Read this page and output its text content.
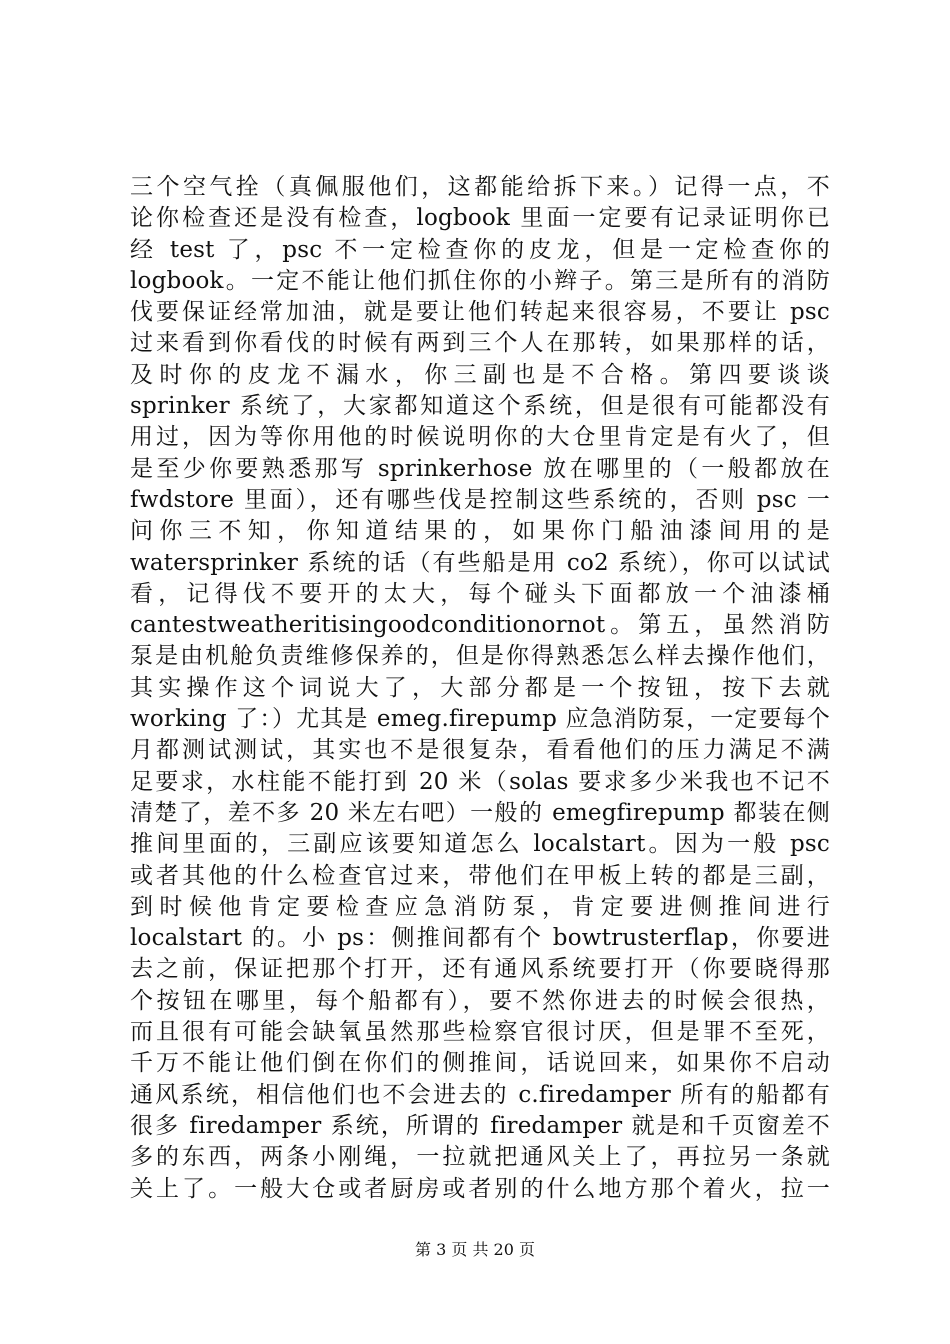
三个空气拴（真佩服他们，这都能给拆下来。）记得一点，不
论你检查还是没有检查，logbook 里面一定要有记录证明你已
经 test 了，psc 不一定检查你的皮龙，但是一定检查你的
logbook。一定不能让他们抓住你的小辫子。第三是所有的消防
伐要保证经常加油，就是要让他们转起来很容易，不要让 psc
过来看到你看伐的时候有两到三个人在那转，如果那样的话，
及时你的皮龙不漏水，你三副也是不合格。第四要谈谈
sprinker 系统了，大家都知道这个系统，但是很有可能都没有
用过，因为等你用他的时候说明你的大仓里肯定是有火了，但
是至少你要熟悉那写 sprinkerhose 放在哪里的（一般都放在
fwdstore 里面），还有哪些伐是控制这些系统的，否则 psc 一
问你三不知，你知道结果的，如果你门船油漆间用的是
watersprinker 系统的话（有些船是用 co2 系统），你可以试试
看，记得伐不要开的太大，每个碰头下面都放一个油漆桶
cantestweatheritisingoodconditionornot。第五，虽然消防
泵是由机舱负责维修保养的，但是你得熟悉怎么样去操作他们，
其实操作这个词说大了，大部分都是一个按钮，按下去就
working 了：）尤其是 emeg.firepump 应急消防泵，一定要每个
月都测试测试，其实也不是很复杂，看看他们的压力满足不满
足要求，水柱能不能打到 20 米（solas 要求多少米我也不记不
清楚了，差不多 20 米左右吧）一般的 emegfirepump 都装在侧
推间里面的，三副应该要知道怎么 localstart。因为一般 psc
或者其他的什么检查官过来，带他们在甲板上转的都是三副，
到时候他肯定要检查应急消防泵，肯定要进侧推间进行
localstart 的。小 ps：侧推间都有个 bowtrusterflap，你要进
去之前，保证把那个打开，还有通风系统要打开（你要晓得那
个按钮在哪里，每个船都有），要不然你进去的时候会很热，
而且很有可能会缺氧虽然那些检察官很讨厌，但是罪不至死，
千万不能让他们倒在你们的侧推间，话说回来，如果你不启动
通风系统，相信他们也不会进去的 c.firedamper 所有的船都有
很多 firedamper 系统，所谓的 firedamper 就是和千页窗差不
多的东西，两条小刚绳，一拉就把通风关上了，再拉另一条就
关上了。一般大仓或者厨房或者别的什么地方那个着火，拉一
第 3 页 共 20 页
